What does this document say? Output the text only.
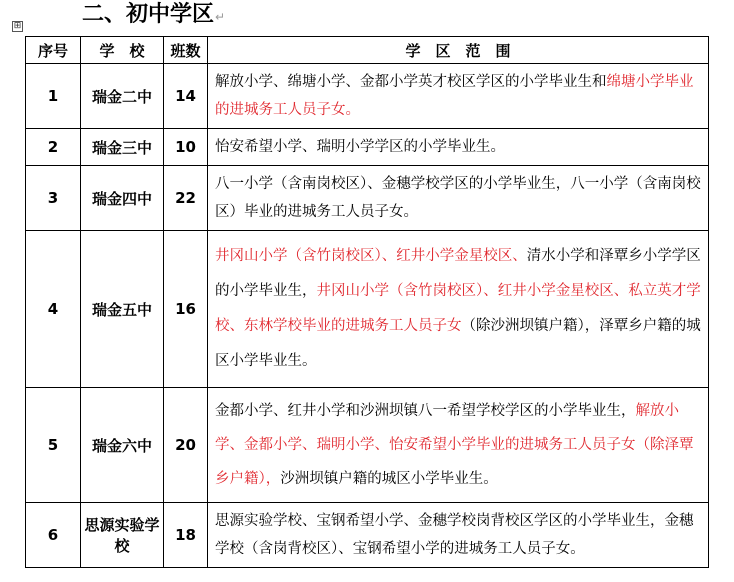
二、初中学区↵
⊞
序号	学　校	班数	学　区　范　围
1	瑞金二中	14	解放小学、绵塘小学、金都小学英才校区学区的小学毕业生和绵塘小学毕业的进城务工人员子女。
2	瑞金三中	10	怡安希望小学、瑞明小学学区的小学毕业生。
3	瑞金四中	22	八一小学（含南岗校区）、金穗学校学区的小学毕业生，八一小学（含南岗校区）毕业的进城务工人员子女。
4	瑞金五中	16	井冈山小学（含竹岗校区）、红井小学金星校区、清水小学和泽覃乡小学学区的小学毕业生，井冈山小学（含竹岗校区）、红井小学金星校区、私立英才学校、东林学校毕业的进城务工人员子女（除沙洲坝镇户籍），泽覃乡户籍的城区小学毕业生。
5	瑞金六中	20	金都小学、红井小学和沙洲坝镇八一希望学校学区的小学毕业生，解放小学、金都小学、瑞明小学、怡安希望小学毕业的进城务工人员子女（除泽覃乡户籍），沙洲坝镇户籍的城区小学毕业生。
6	思源实验学校	18	思源实验学校、宝钢希望小学、金穗学校岗背校区学区的小学毕业生，金穗学校（含岗背校区）、宝钢希望小学的进城务工人员子女。
